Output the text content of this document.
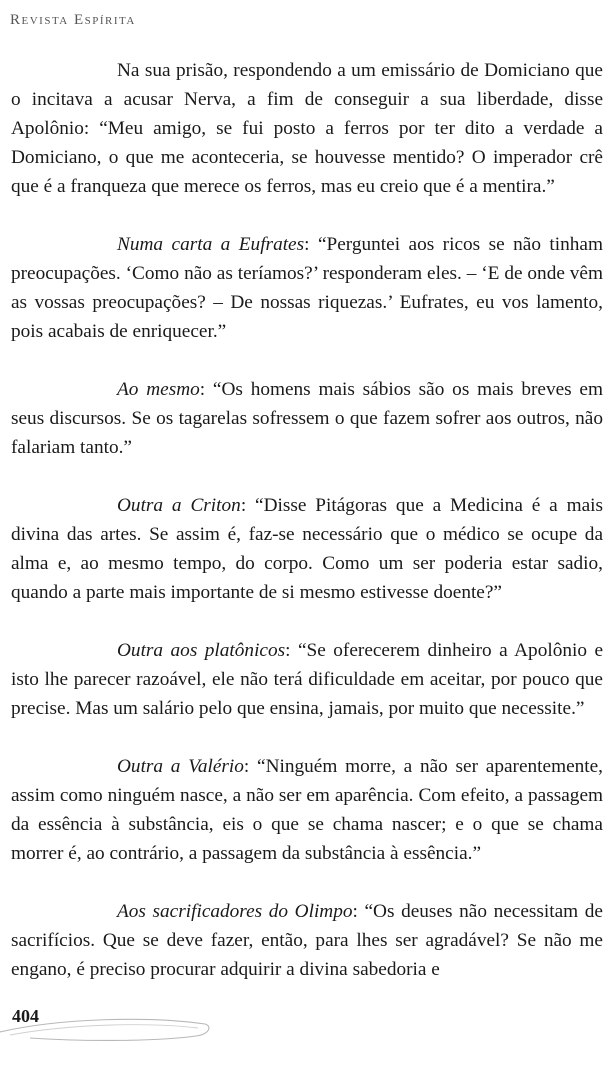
Revista Espírita

Na sua prisão, respondendo a um emissário de Domiciano que o incitava a acusar Nerva, a fim de conseguir a sua liberdade, disse Apolônio: “Meu amigo, se fui posto a ferros por ter dito a verdade a Domiciano, o que me aconteceria, se houvesse mentido? O imperador crê que é a franqueza que merece os ferros, mas eu creio que é a mentira.”

Numa carta a Eufrates: “Perguntei aos ricos se não tinham preocupações. ‘Como não as teríamos?’ responderam eles. – ‘E de onde vêm as vossas preocupações? – De nossas riquezas.’ Eufrates, eu vos lamento, pois acabais de enriquecer.”

Ao mesmo: “Os homens mais sábios são os mais breves em seus discursos. Se os tagarelas sofressem o que fazem sofrer aos outros, não falariam tanto.”

Outra a Criton: “Disse Pitágoras que a Medicina é a mais divina das artes. Se assim é, faz-se necessário que o médico se ocupe da alma e, ao mesmo tempo, do corpo. Como um ser poderia estar sadio, quando a parte mais importante de si mesmo estivesse doente?”

Outra aos platônicos: “Se oferecerem dinheiro a Apolônio e isto lhe parecer razoável, ele não terá dificuldade em aceitar, por pouco que precise. Mas um salário pelo que ensina, jamais, por muito que necessite.”

Outra a Valério: “Ninguém morre, a não ser aparentemente, assim como ninguém nasce, a não ser em aparência. Com efeito, a passagem da essência à substância, eis o que se chama nascer; e o que se chama morrer é, ao contrário, a passagem da substância à essência.”

Aos sacrificadores do Olimpo: “Os deuses não necessitam de sacrifícios. Que se deve fazer, então, para lhes ser agradável? Se não me engano, é preciso procurar adquirir a divina sabedoria e

404
